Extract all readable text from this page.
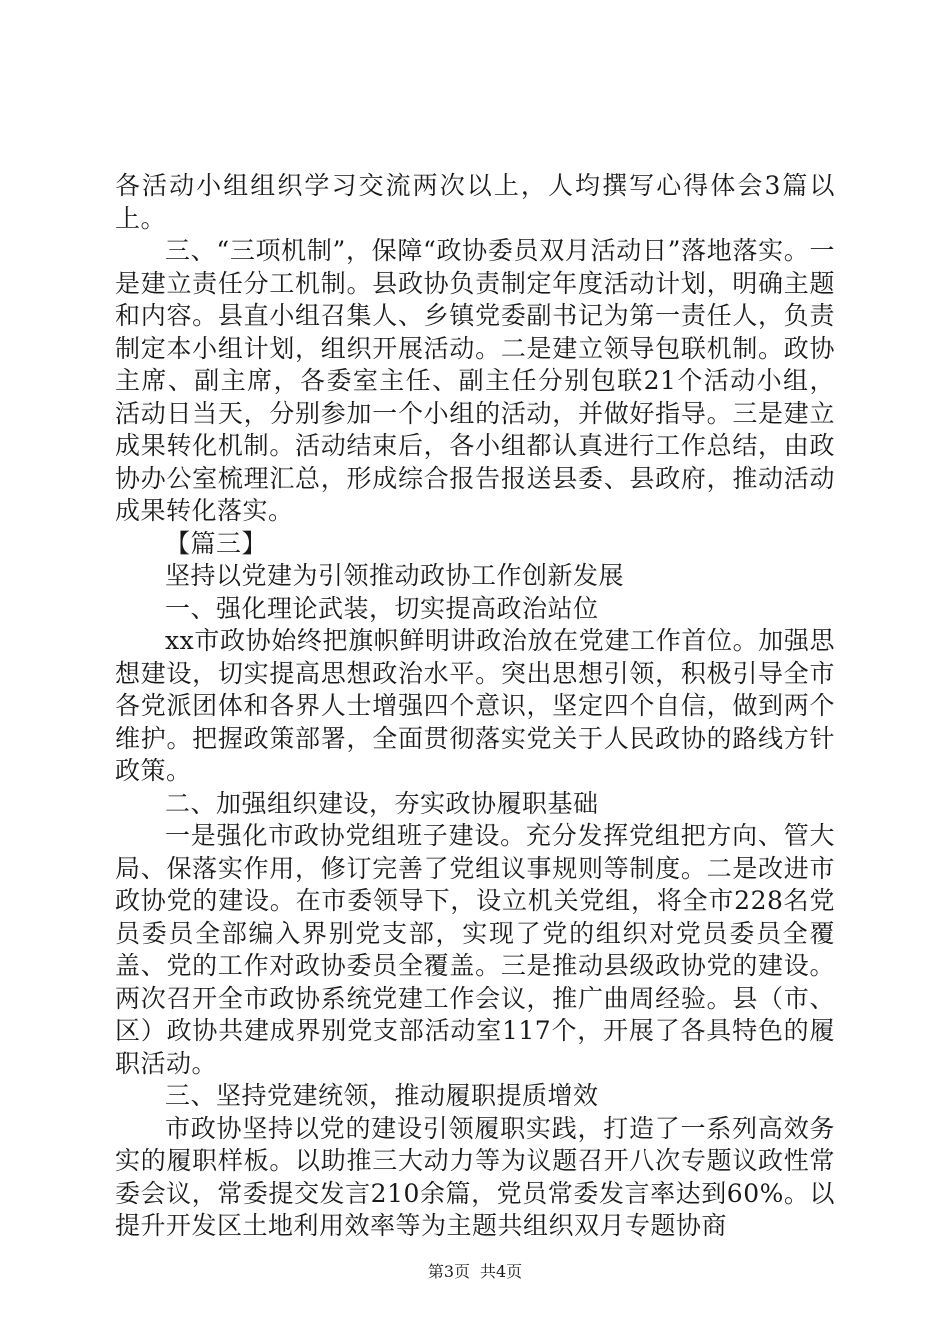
各活动小组组织学习交流两次以上，人均撰写心得体会3篇以上。

三、“三项机制”，保障“政协委员双月活动日”落地落实。一是建立责任分工机制。县政协负责制定年度活动计划，明确主题和内容。县直小组召集人、乡镇党委副书记为第一责任人，负责制定本小组计划，组织开展活动。二是建立领导包联机制。政协主席、副主席，各委室主任、副主任分别包联21个活动小组，活动日当天，分别参加一个小组的活动，并做好指导。三是建立成果转化机制。活动结束后，各小组都认真进行工作总结，由政协办公室梳理汇总，形成综合报告报送县委、县政府，推动活动成果转化落实。

【篇三】

坚持以党建为引领推动政协工作创新发展

一、强化理论武装，切实提高政治站位

xx市政协始终把旗帜鲜明讲政治放在党建工作首位。加强思想建设，切实提高思想政治水平。突出思想引领，积极引导全市各党派团体和各界人士增强四个意识，坚定四个自信，做到两个维护。把握政策部署，全面贯彻落实党关于人民政协的路线方针政策。

二、加强组织建设，夯实政协履职基础

一是强化市政协党组班子建设。充分发挥党组把方向、管大局、保落实作用，修订完善了党组议事规则等制度。二是改进市政协党的建设。在市委领导下，设立机关党组，将全市228名党员委员全部编入界别党支部，实现了党的组织对党员委员全覆盖、党的工作对政协委员全覆盖。三是推动县级政协党的建设。两次召开全市政协系统党建工作会议，推广曲周经验。县（市、区）政协共建成界别党支部活动室117个，开展了各具特色的履职活动。

三、坚持党建统领，推动履职提质增效

市政协坚持以党的建设引领履职实践，打造了一系列高效务实的履职样板。以助推三大动力等为议题召开八次专题议政性常委会议，常委提交发言210余篇，党员常委发言率达到60%。以提升开发区土地利用效率等为主题共组织双月专题协商

第3页 共4页
